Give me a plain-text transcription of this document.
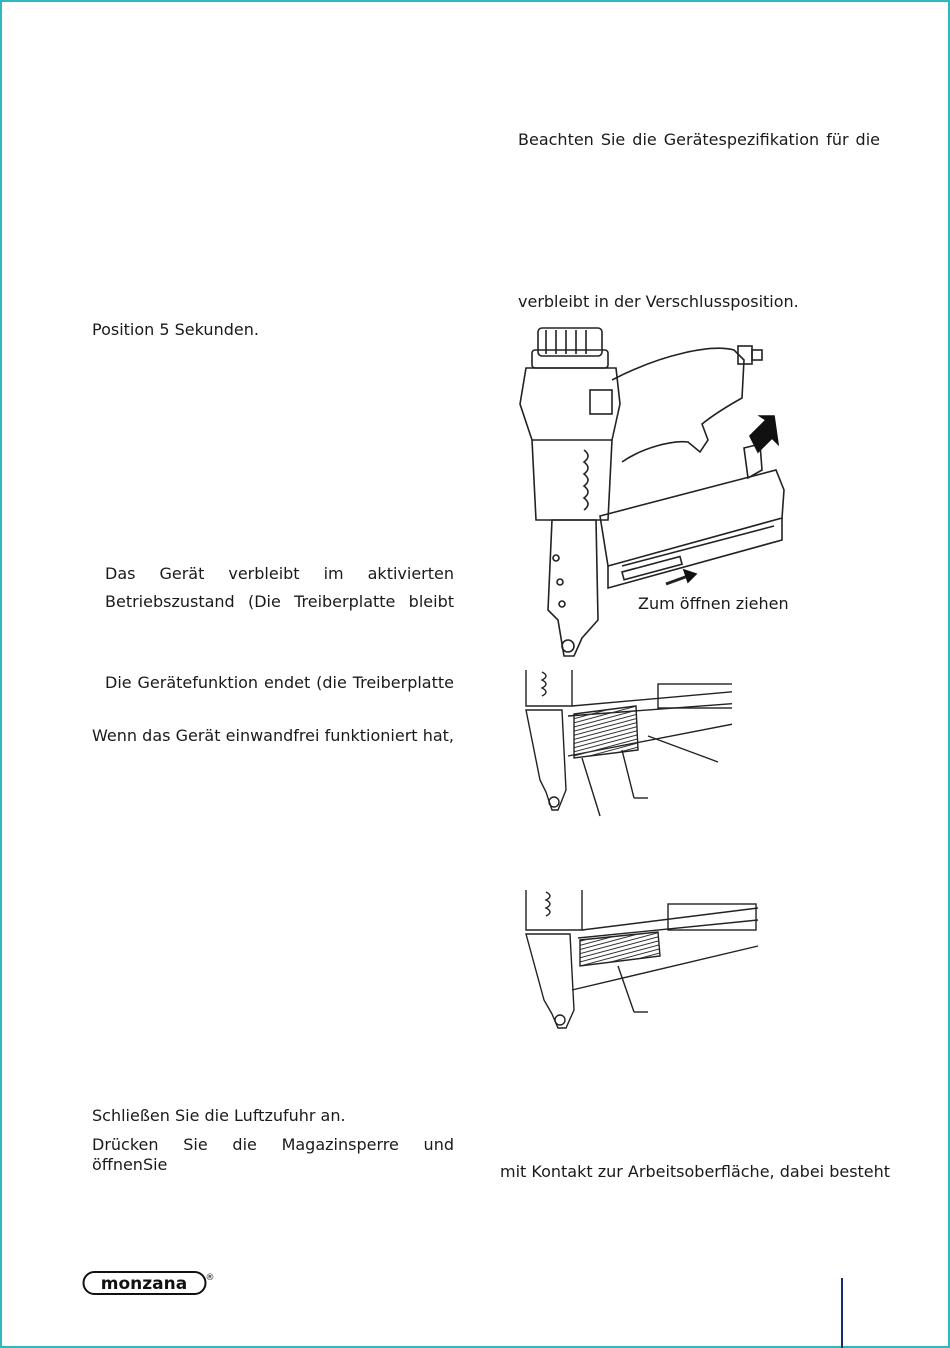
Position 5 Sekunden.
Das Gerät verbleibt im aktivierten
Betriebszustand (Die Treiberplatte bleibt
Die Gerätefunktion endet (die Treiberplatte
Wenn das Gerät einwandfrei funktioniert hat,
Schließen Sie die Luftzufuhr an.
Drücken Sie die Magazinsperre und öffnenSie
Beachten Sie die Gerätespezifikation für die
verbleibt in der Verschlussposition.
mit Kontakt zur Arbeitsoberfläche, dabei besteht
Zum öffnen ziehen
monzana ®
